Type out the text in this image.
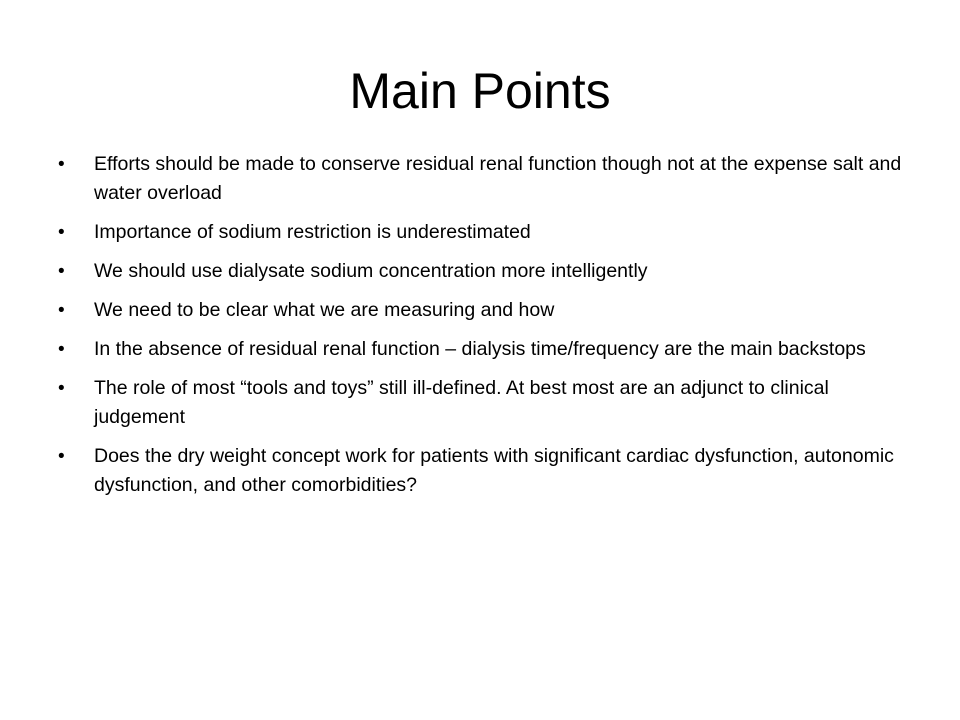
Main Points
• Efforts should be made to conserve residual renal function though not at the expense salt and water overload
• Importance of sodium restriction is underestimated
• We should use dialysate sodium concentration more intelligently
• We need to be clear what we are measuring and how
• In the absence of residual renal function – dialysis time/frequency are the main backstops
• The role of most “tools and toys” still ill-defined. At best most are an adjunct to clinical judgement
• Does the dry weight concept work for patients with significant cardiac dysfunction, autonomic dysfunction, and other comorbidities?
